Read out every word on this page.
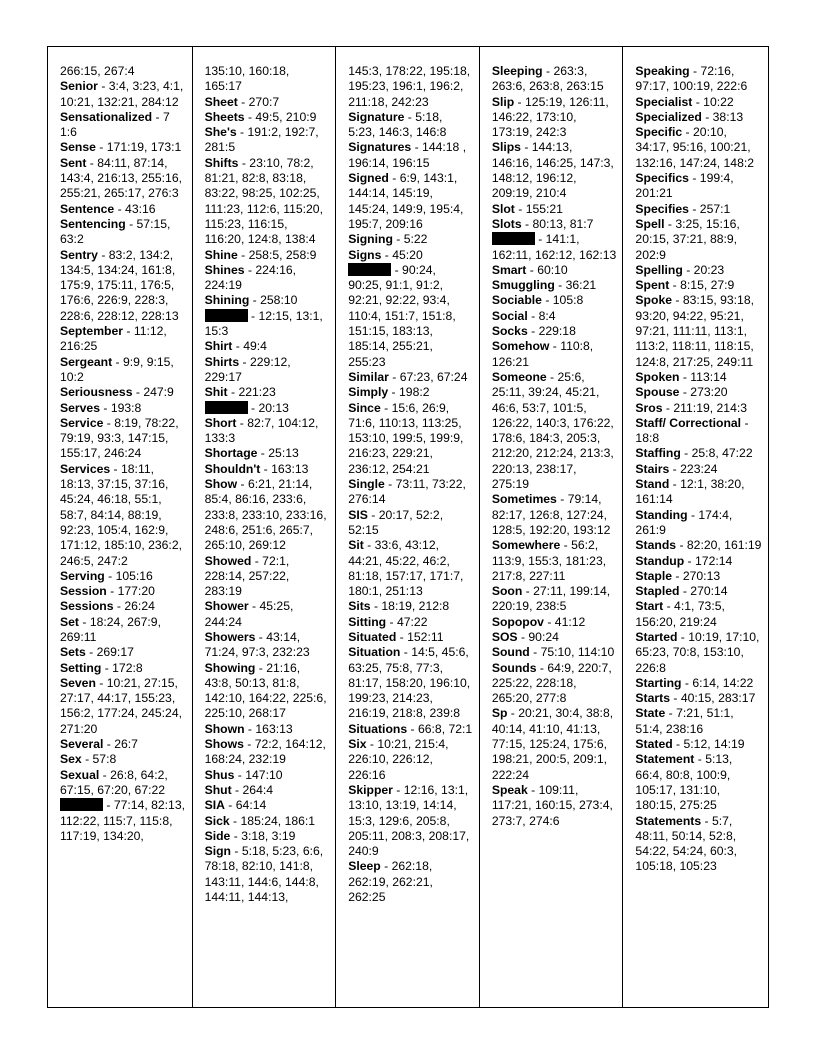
266:15, 267:4
Senior - 3:4, 3:23, 4:1, 10:21, 132:21, 284:12
Sensationalized - 7 1:6
Sense - 171:19, 173:1
Sent - 84:11, 87:14, 143:4, 216:13, 255:16, 255:21, 265:17, 276:3
Sentence - 43:16
Sentencing - 57:15, 63:2
Sentry - 83:2, 134:2, 134:5, 134:24, 161:8, 175:9, 175:11, 176:5, 176:6, 226:9, 228:3, 228:6, 228:12, 228:13
September - 11:12, 216:25
Sergeant - 9:9, 9:15, 10:2
Seriousness - 247:9
Serves - 193:8
Service - 8:19, 78:22, 79:19, 93:3, 147:15, 155:17, 246:24
Services - 18:11, 18:13, 37:15, 37:16, 45:24, 46:18, 55:1, 58:7, 84:14, 88:19, 92:23, 105:4, 162:9, 171:12, 185:10, 236:2, 246:5, 247:2
Serving - 105:16
Session - 177:20
Sessions - 26:24
Set - 18:24, 267:9, 269:11
Sets - 269:17
Setting - 172:8
Seven - 10:21, 27:15, 27:17, 44:17, 155:23, 156:2, 177:24, 245:24, 271:20
Several - 26:7
Sex - 57:8
Sexual - 26:8, 64:2, 67:15, 67:20, 67:22
- 77:14, 82:13, 112:22, 115:7, 115:8, 117:19, 134:20,
135:10, 160:18, 165:17
Sheet - 270:7
Sheets - 49:5, 210:9
She's - 191:2, 192:7, 281:5
Shifts - 23:10, 78:2, 81:21, 82:8, 83:18, 83:22, 98:25, 102:25, 111:23, 112:6, 115:20, 115:23, 116:15, 116:20, 124:8, 138:4
Shine - 258:5, 258:9
Shines - 224:16, 224:19
Shining - 258:10
- 12:15, 13:1, 15:3
Shirt - 49:4
Shirts - 229:12, 229:17
Shit - 221:23
- 20:13
Short - 82:7, 104:12, 133:3
Shortage - 25:13
Shouldn't - 163:13
Show - 6:21, 21:14, 85:4, 86:16, 233:6, 233:8, 233:10, 233:16, 248:6, 251:6, 265:7, 265:10, 269:12
Showed - 72:1, 228:14, 257:22, 283:19
Shower - 45:25, 244:24
Showers - 43:14, 71:24, 97:3, 232:23
Showing - 21:16, 43:8, 50:13, 81:8, 142:10, 164:22, 225:6, 225:10, 268:17
Shown - 163:13
Shows - 72:2, 164:12, 168:24, 232:19
Shus - 147:10
Shut - 264:4
SIA - 64:14
Sick - 185:24, 186:1
Side - 3:18, 3:19
Sign - 5:18, 5:23, 6:6, 78:18, 82:10, 141:8, 143:11, 144:6, 144:8, 144:11, 144:13,
145:3, 178:22, 195:18, 195:23, 196:1, 196:2, 211:18, 242:23
Signature - 5:18, 5:23, 146:3, 146:8
Signatures - 144:18 , 196:14, 196:15
Signed - 6:9, 143:1, 144:14, 145:19, 145:24, 149:9, 195:4, 195:7, 209:16
Signing - 5:22
Signs - 45:20
- 90:24, 90:25, 91:1, 91:2, 92:21, 92:22, 93:4, 110:4, 151:7, 151:8, 151:15, 183:13, 185:14, 255:21, 255:23
Similar - 67:23, 67:24
Simply - 198:2
Since - 15:6, 26:9, 71:6, 110:13, 113:25, 153:10, 199:5, 199:9, 216:23, 229:21, 236:12, 254:21
Single - 73:11, 73:22, 276:14
SIS - 20:17, 52:2, 52:15
Sit - 33:6, 43:12, 44:21, 45:22, 46:2, 81:18, 157:17, 171:7, 180:1, 251:13
Sits - 18:19, 212:8
Sitting - 47:22
Situated - 152:11
Situation - 14:5, 45:6, 63:25, 75:8, 77:3, 81:17, 158:20, 196:10, 199:23, 214:23, 216:19, 218:8, 239:8
Situations - 66:8, 72:1
Six - 10:21, 215:4, 226:10, 226:12, 226:16
Skipper - 12:16, 13:1, 13:10, 13:19, 14:14, 15:3, 129:6, 205:8, 205:11, 208:3, 208:17, 240:9
Sleep - 262:18, 262:19, 262:21, 262:25
Sleeping - 263:3, 263:6, 263:8, 263:15
Slip - 125:19, 126:11, 146:22, 173:10, 173:19, 242:3
Slips - 144:13, 146:16, 146:25, 147:3, 148:12, 196:12, 209:19, 210:4
Slot - 155:21
Slots - 80:13, 81:7
- 141:1, 162:11, 162:12, 162:13
Smart - 60:10
Smuggling - 36:21
Sociable - 105:8
Social - 8:4
Socks - 229:18
Somehow - 110:8, 126:21
Someone - 25:6, 25:11, 39:24, 45:21, 46:6, 53:7, 101:5, 126:22, 140:3, 176:22, 178:6, 184:3, 205:3, 212:20, 212:24, 213:3, 220:13, 238:17, 275:19
Sometimes - 79:14, 82:17, 126:8, 127:24, 128:5, 192:20, 193:12
Somewhere - 56:2, 113:9, 155:3, 181:23, 217:8, 227:11
Soon - 27:11, 199:14, 220:19, 238:5
Sopopov - 41:12
SOS - 90:24
Sound - 75:10, 114:10
Sounds - 64:9, 220:7, 225:22, 228:18, 265:20, 277:8
Sp - 20:21, 30:4, 38:8, 40:14, 41:10, 41:13, 77:15, 125:24, 175:6, 198:21, 200:5, 209:1, 222:24
Speak - 109:11, 117:21, 160:15, 273:4, 273:7, 274:6
Speaking - 72:16, 97:17, 100:19, 222:6
Specialist - 10:22
Specialized - 38:13
Specific - 20:10, 34:17, 95:16, 100:21, 132:16, 147:24, 148:2
Specifics - 199:4, 201:21
Specifies - 257:1
Spell - 3:25, 15:16, 20:15, 37:21, 88:9, 202:9
Spelling - 20:23
Spent - 8:15, 27:9
Spoke - 83:15, 93:18, 93:20, 94:22, 95:21, 97:21, 111:11, 113:1, 113:2, 118:11, 118:15, 124:8, 217:25, 249:11
Spoken - 113:14
Spouse - 273:20
Sros - 211:19, 214:3
Staff/ Correctional - 18:8
Staffing - 25:8, 47:22
Stairs - 223:24
Stand - 12:1, 38:20, 161:14
Standing - 174:4, 261:9
Stands - 82:20, 161:19
Standup - 172:14
Staple - 270:13
Stapled - 270:14
Start - 4:1, 73:5, 156:20, 219:24
Started - 10:19, 17:10, 65:23, 70:8, 153:10, 226:8
Starting - 6:14, 14:22
Starts - 40:15, 283:17
State - 7:21, 51:1, 51:4, 238:16
Stated - 5:12, 14:19
Statement - 5:13, 66:4, 80:8, 100:9, 105:17, 131:10, 180:15, 275:25
Statements - 5:7, 48:11, 50:14, 52:8, 54:22, 54:24, 60:3, 105:18, 105:23
